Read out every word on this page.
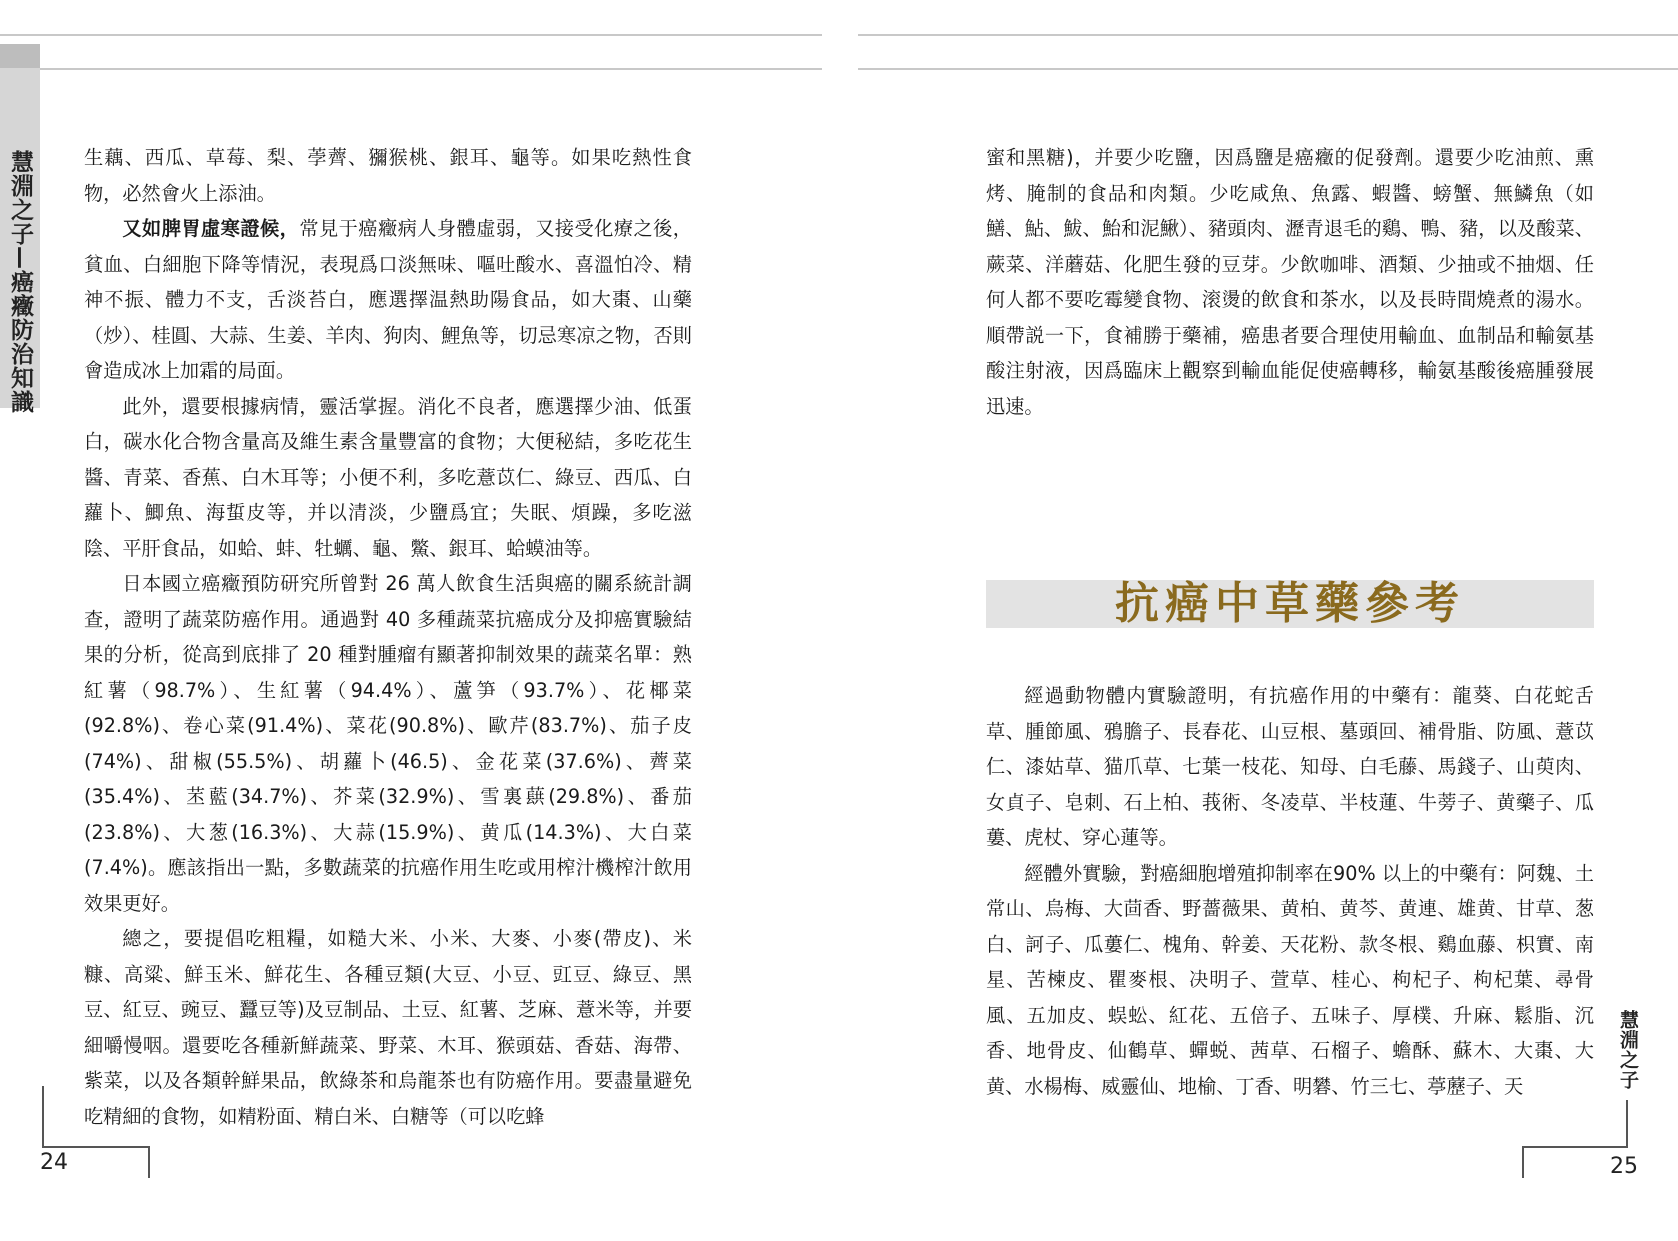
慧淵之子—癌癥防治知識	生藕、西瓜、草莓、梨、荸薺、獼猴桃、銀耳、龜等。如果吃熱性食物，必然會火上添油。

又如脾胃虛寒證候，常見于癌癥病人身體虛弱，又接受化療之後，貧血、白細胞下降等情況，表現爲口淡無味、嘔吐酸水、喜溫怕冷、精神不振、體力不支，舌淡苔白，應選擇温熱助陽食品，如大棗、山藥（炒）、桂圓、大蒜、生姜、羊肉、狗肉、鯉魚等，切忌寒凉之物，否則會造成冰上加霜的局面。

此外，還要根據病情，靈活掌握。消化不良者，應選擇少油、低蛋白，碳水化合物含量高及維生素含量豐富的食物；大便秘結，多吃花生醬、青菜、香蕉、白木耳等；小便不利，多吃薏苡仁、綠豆、西瓜、白蘿卜、鯽魚、海蜇皮等，并以清淡，少鹽爲宜；失眠、煩躁，多吃滋陰、平肝食品，如蛤、蚌、牡蠣、龜、鱉、銀耳、蛤蟆油等。

日本國立癌癥預防研究所曾對 26 萬人飲食生活與癌的關系統計調查，證明了蔬菜防癌作用。通過對 40 多種蔬菜抗癌成分及抑癌實驗結果的分析，從高到底排了 20 種對腫瘤有顯著抑制效果的蔬菜名單：熟紅薯（98.7%）、生紅薯（94.4%）、蘆笋（93.7%）、花椰菜(92.8%)、卷心菜(91.4%)、菜花(90.8%)、歐芹(83.7%)、茄子皮(74%)、甜椒(55.5%)、胡蘿卜(46.5)、金花菜(37.6%)、薺菜(35.4%)、苤藍(34.7%)、芥菜(32.9%)、雪裏蕻(29.8%)、番茄(23.8%)、大葱(16.3%)、大蒜(15.9%)、黄瓜(14.3%)、大白菜(7.4%)。應該指出一點，多數蔬菜的抗癌作用生吃或用榨汁機榨汁飲用效果更好。

總之，要提倡吃粗糧，如糙大米、小米、大麥、小麥(帶皮)、米糠、高粱、鮮玉米、鮮花生、各種豆類(大豆、小豆、豇豆、綠豆、黑豆、紅豆、豌豆、蠶豆等)及豆制品、土豆、紅薯、芝麻、薏米等，并要細嚼慢咽。還要吃各種新鮮蔬菜、野菜、木耳、猴頭菇、香菇、海帶、紫菜，以及各類幹鮮果品，飲綠茶和烏龍茶也有防癌作用。要盡量避免吃精細的食物，如精粉面、精白米、白糖等（可以吃蜂

24

蜜和黑糖)，并要少吃鹽，因爲鹽是癌癥的促發劑。還要少吃油煎、熏烤、腌制的食品和肉類。少吃咸魚、魚露、蝦醬、螃蟹、無鱗魚（如鱔、鮎、鮁、鮐和泥鰍）、豬頭肉、瀝青退毛的鷄、鴨、豬，以及酸菜、蕨菜、洋蘑菇、化肥生發的豆芽。少飲咖啡、酒類、少抽或不抽烟、任何人都不要吃霉變食物、滚燙的飲食和茶水，以及長時間燒煮的湯水。順帶説一下，食補勝于藥補，癌患者要合理使用輸血、血制品和輸氨基酸注射液，因爲臨床上觀察到輸血能促使癌轉移，輸氨基酸後癌腫發展迅速。

抗癌中草藥參考

經過動物體内實驗證明，有抗癌作用的中藥有：龍葵、白花蛇舌草、腫節風、鴉膽子、長春花、山豆根、墓頭回、補骨脂、防風、薏苡仁、漆姑草、猫爪草、七葉一枝花、知母、白毛藤、馬錢子、山萸肉、女貞子、皂刺、石上柏、莪術、冬凌草、半枝蓮、牛蒡子、黄藥子、瓜蔞、虎杖、穿心蓮等。

經體外實驗，對癌細胞增殖抑制率在90% 以上的中藥有：阿魏、土常山、烏梅、大茴香、野薔薇果、黄柏、黄芩、黄連、雄黄、甘草、葱白、訶子、瓜蔞仁、槐角、幹姜、天花粉、款冬根、鷄血藤、枳實、南星、苦楝皮、瞿麥根、决明子、萱草、桂心、枸杞子、枸杞葉、尋骨風、五加皮、蜈蚣、紅花、五倍子、五味子、厚樸、升麻、鬆脂、沉香、地骨皮、仙鶴草、蟬蜕、茜草、石榴子、蟾酥、蘇木、大棗、大黄、水楊梅、威靈仙、地榆、丁香、明礬、竹三七、葶藶子、天	慧淵之子
25
